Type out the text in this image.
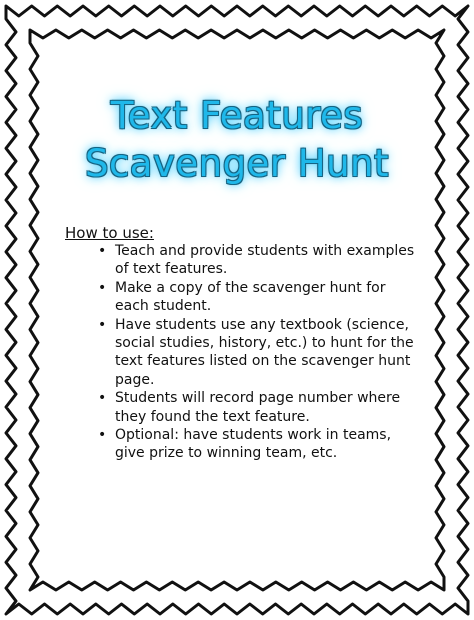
Text Features
Scavenger Hunt
How to use:
• Teach and provide students with examples of text features.
• Make a copy of the scavenger hunt for each student.
• Have students use any textbook (science, social studies, history, etc.) to hunt for the text features listed on the scavenger hunt page.
• Students will record page number where they found the text feature.
• Optional: have students work in teams, give prize to winning team, etc.
